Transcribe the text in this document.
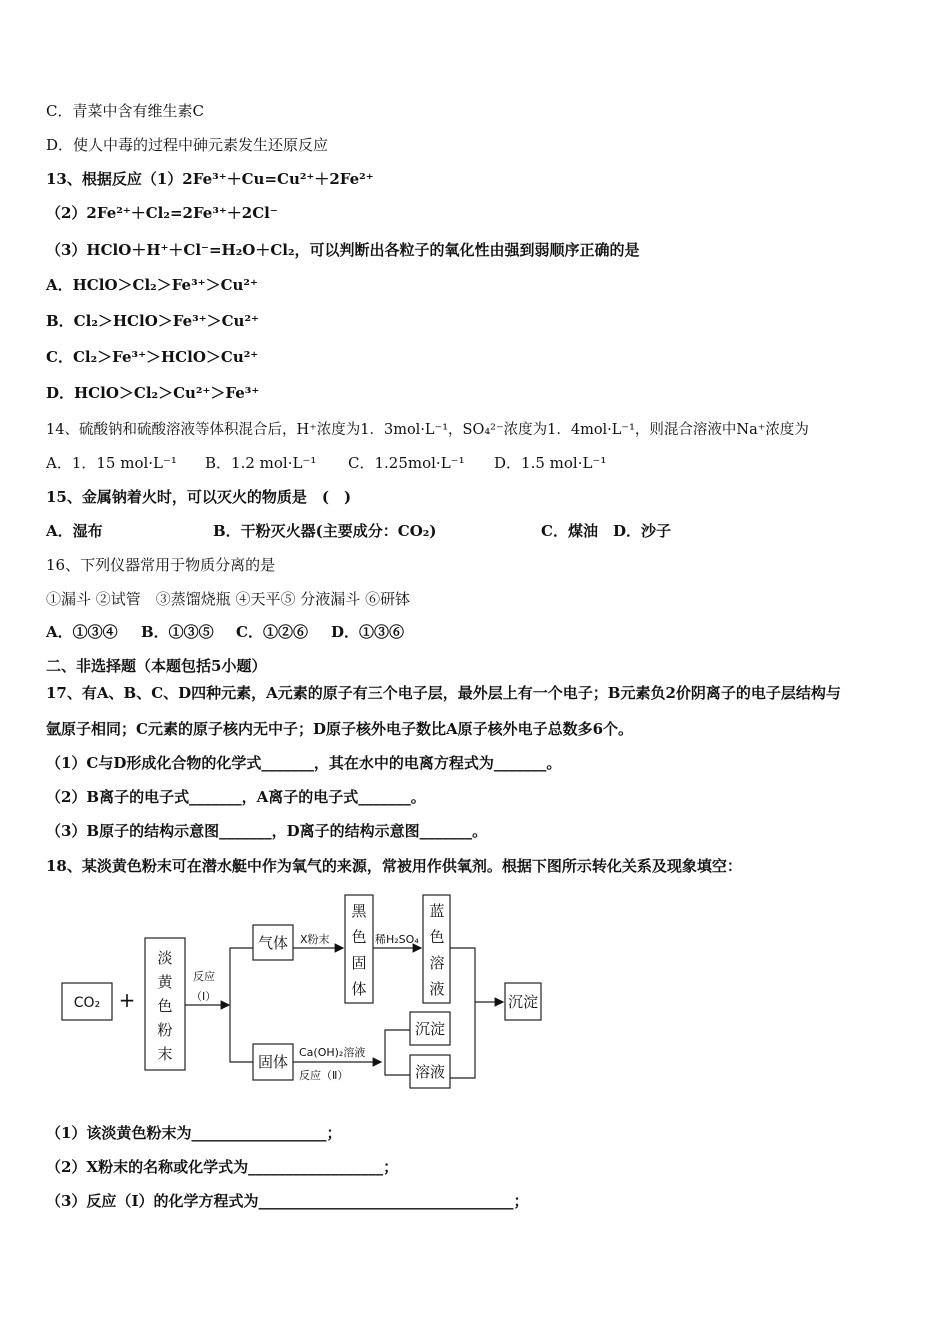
C．青菜中含有维生素C
D．使人中毒的过程中砷元素发生还原反应
13、根据反应（1）2Fe³⁺＋Cu=Cu²⁺＋2Fe²⁺
（2）2Fe²⁺＋Cl₂=2Fe³⁺＋2Cl⁻
（3）HClO＋H⁺＋Cl⁻=H₂O＋Cl₂，可以判断出各粒子的氧化性由强到弱顺序正确的是
A．HClO＞Cl₂＞Fe³⁺＞Cu²⁺
B．Cl₂＞HClO＞Fe³⁺＞Cu²⁺
C．Cl₂＞Fe³⁺＞HClO＞Cu²⁺
D．HClO＞Cl₂＞Cu²⁺＞Fe³⁺
14、硫酸钠和硫酸溶液等体积混合后，H⁺浓度为1．3mol·L⁻¹，SO₄²⁻浓度为1．4mol·L⁻¹，则混合溶液中Na⁺浓度为
A．1．15 mol·L⁻¹ B．1.2 mol·L⁻¹ C．1.25mol·L⁻¹ D．1.5 mol·L⁻¹
15、金属钠着火时，可以灭火的物质是　(　)
A．湿布	B．干粉灭火器(主要成分：CO₂)	C．煤油 D．沙子
16、下列仪器常用于物质分离的是
①漏斗 ②试管　③蒸馏烧瓶 ④天平⑤ 分液漏斗 ⑥研钵
A．①③④ B．①③⑤ C．①②⑥ D．①③⑥
二、非选择题（本题包括5小题）
17、有A、B、C、D四种元素，A元素的原子有三个电子层，最外层上有一个电子；B元素负2价阴离子的电子层结构与
氩原子相同；C元素的原子核内无中子；D原子核外电子数比A原子核外电子总数多6个。
（1）C与D形成化合物的化学式_______，其在水中的电离方程式为_______。
（2）B离子的电子式_______，A离子的电子式_______。
（3）B原子的结构示意图_______，D离子的结构示意图_______。
18、某淡黄色粉末可在潜水艇中作为氧气的来源，常被用作供氧剂。根据下图所示转化关系及现象填空：
CO₂ +
淡
黄
色
粉
末
黑
色
固
体
蓝
色
溶
液
气体
固体
沉淀
沉淀
溶液
反应
（Ⅰ）
X粉末	稀H₂SO₄
Ca(OH)₂溶液
反应（Ⅱ）
（1）该淡黄色粉末为__________________；
（2）X粉末的名称或化学式为__________________；
（3）反应（Ⅰ）的化学方程式为__________________________________；
